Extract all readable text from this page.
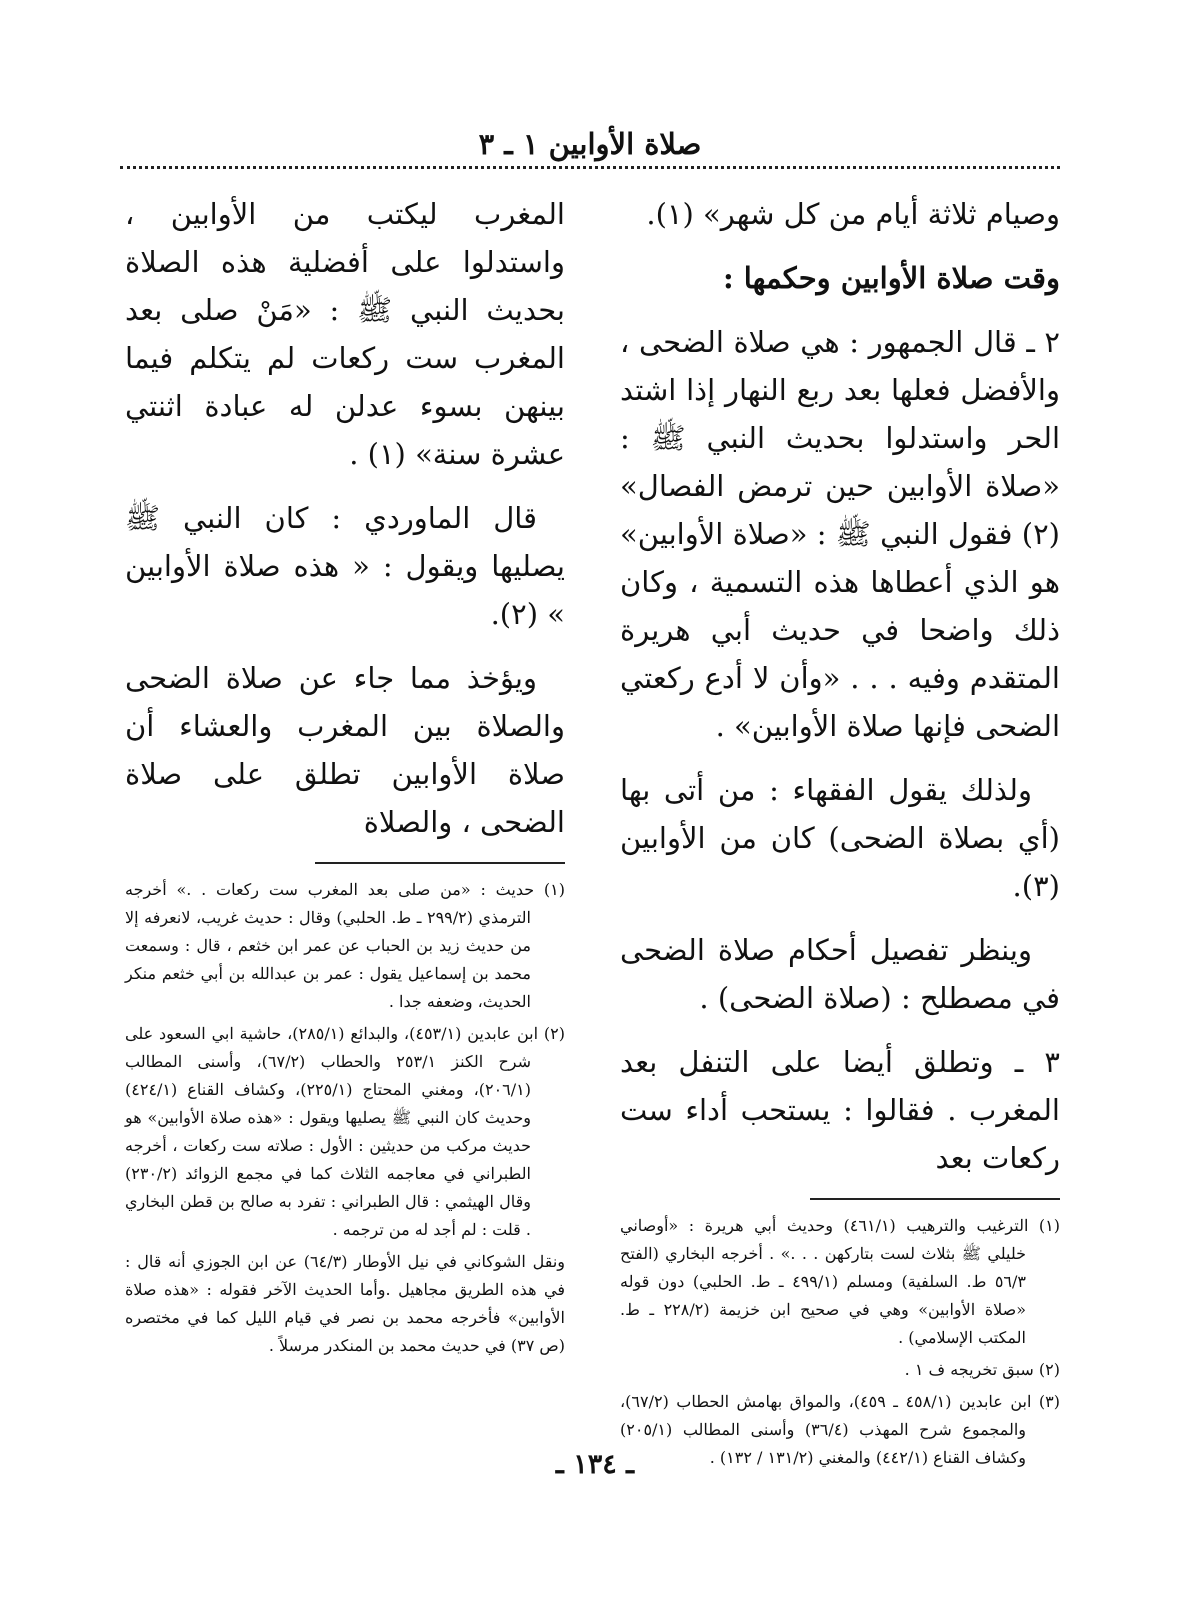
صلاة الأوابين ١ ـ ٣

وصيام ثلاثة أيام من كل شهر» (١).

وقت صلاة الأوابين وحكمها :

٢ ـ قال الجمهور : هي صلاة الضحى ، والأفضل فعلها بعد ربع النهار إذا اشتد الحر واستدلوا بحديث النبي ﷺ : «صلاة الأوابين حين ترمض الفصال» (٢) فقول النبي ﷺ : «صلاة الأوابين» هو الذي أعطاها هذه التسمية ، وكان ذلك واضحا في حديث أبي هريرة المتقدم وفيه . . . «وأن لا أدع ركعتي الضحى فإنها صلاة الأوابين» .

ولذلك يقول الفقهاء : من أتى بها (أي بصلاة الضحى) كان من الأوابين (٣).

وينظر تفصيل أحكام صلاة الضحى في مصطلح : (صلاة الضحى) .

٣ ـ وتطلق أيضا على التنفل بعد المغرب . فقالوا : يستحب أداء ست ركعات بعد

(١) الترغيب والترهيب (٤٦١/١) وحديث أبي هريرة : «أوصاني خليلي ﷺ بثلاث لست بتاركهن . . .» . أخرجه البخاري (الفتح ٥٦/٣ ط. السلفية) ومسلم (٤٩٩/١ ـ ط. الحلبي) دون قوله «صلاة الأوابين» وهي في صحيح ابن خزيمة (٢٢٨/٢ ـ ط. المكتب الإسلامي) .

(٢) سبق تخريجه ف ١ .

(٣) ابن عابدين (٤٥٨/١ ـ ٤٥٩)، والمواق بهامش الحطاب (٦٧/٢)، والمجموع شرح المهذب (٣٦/٤) وأسنى المطالب (٢٠٥/١) وكشاف القناع (٤٤٢/١) والمغني (١٣١/٢ / ١٣٢) .

المغرب ليكتب من الأوابين ، واستدلوا على أفضلية هذه الصلاة بحديث النبي ﷺ : «مَنْ صلى بعد المغرب ست ركعات لم يتكلم فيما بينهن بسوء عدلن له عبادة اثنتي عشرة سنة» (١) .

قال الماوردي : كان النبي ﷺ يصليها ويقول : « هذه صلاة الأوابين » (٢).

ويؤخذ مما جاء عن صلاة الضحى والصلاة بين المغرب والعشاء أن صلاة الأوابين تطلق على صلاة الضحى ، والصلاة

(١) حديث : «من صلى بعد المغرب ست ركعات . .» أخرجه الترمذي (٢٩٩/٢ ـ ط. الحلبي) وقال : حديث غريب، لانعرفه إلا من حديث زيد بن الحباب عن عمر ابن خثعم ، قال : وسمعت محمد بن إسماعيل يقول : عمر بن عبدالله بن أبي خثعم منكر الحديث، وضعفه جدا .

(٢) ابن عابدين (٤٥٣/١)، والبدائع (٢٨٥/١)، حاشية ابي السعود على شرح الكنز ٢٥٣/١ والحطاب (٦٧/٢)، وأسنى المطالب (٢٠٦/١)، ومغني المحتاج (٢٢٥/١)، وكشاف القناع (٤٢٤/١) وحديث كان النبي ﷺ يصليها ويقول : «هذه صلاة الأوابين» هو حديث مركب من حديثين : الأول : صلاته ست ركعات ، أخرجه الطبراني في معاجمه الثلاث كما في مجمع الزوائد (٢٣٠/٢) وقال الهيثمي : قال الطبراني : تفرد به صالح بن قطن البخاري . قلت : لم أجد له من ترجمه .

ونقل الشوكاني في نيل الأوطار (٦٤/٣) عن ابن الجوزي أنه قال : في هذه الطريق مجاهيل .وأما الحديث الآخر فقوله : «هذه صلاة الأوابين» فأخرجه محمد بن نصر في قيام الليل كما في مختصره (ص ٣٧) في حديث محمد بن المنكدر مرسلاً .

ـ ١٣٤ ـ
